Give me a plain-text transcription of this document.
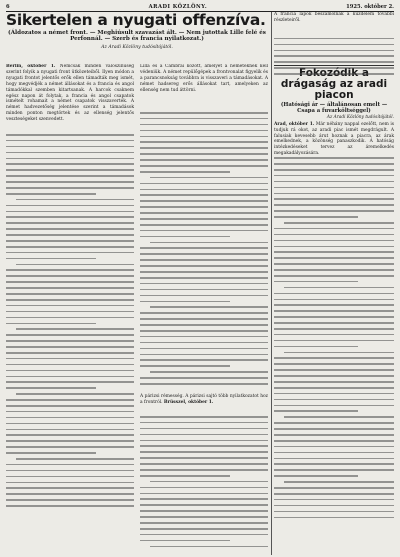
6	ARADI KÖZLÖNY.	1925. október 2.
Sikertelen a nyugati offenzíva.
(Áldozatos a német front. — Meghiúsult szavazást ált. — Nem jutottak Lille felé és Perfonnál. — Szerb és francia nyilatkozat.)
Az Aradi Közlöny tudósítójától.
Berlin, október 1. Nemcsak minden valószínűség szerint folyik a nyugati front ütközeteiből. Ilyen módon a nyugati frontot jelentős erők ellen támadták meg ismét, hogy megvédjék a német állásokat és a francia és angol támadókkal szemben kitartsanak. A harcok csaknem egész napon át folytak, a francia és angol csapatok ismételt rohamait a német csapatok visszaverték. A német hadvezetőség jelentése szerint a támadások minden ponton megtörtek és az ellenség jelentős veszteségeket szenvedett.
Lilla és a Cambrai között, amelyet a németeknek kell védeniük. A német repülőgépek a frontvonalat figyelik és a parancsnokság továbbra is visszaveri a támadásokat. A német hadsereg erős állásokat tart, amelyeken az ellenség nem tud áttörni.
A párizsi rémesség. A párizsi sajtó több nyilatkozatot hoz a frontról. Brüsszel, október 1.
A francia lapok beszámolnak a küzdelem további részleteiről.
drágaság az aradi piacon
(Hatósági ár — általánosan emelt — Csapa a fuvarköltséggel)
Az Aradi Közlöny tudósítójától.
Arad, október 1. Már néhány nappal ezelőtt, nem is tudjuk rá okot, az aradi piac ismét megdrágult. A falusiak kevesebb árut hoznak a piacra, az árak emelkednek, a közönség panaszkodik. A hatóság intézkedéseket tervez az áremelkedés megakadályozására.
